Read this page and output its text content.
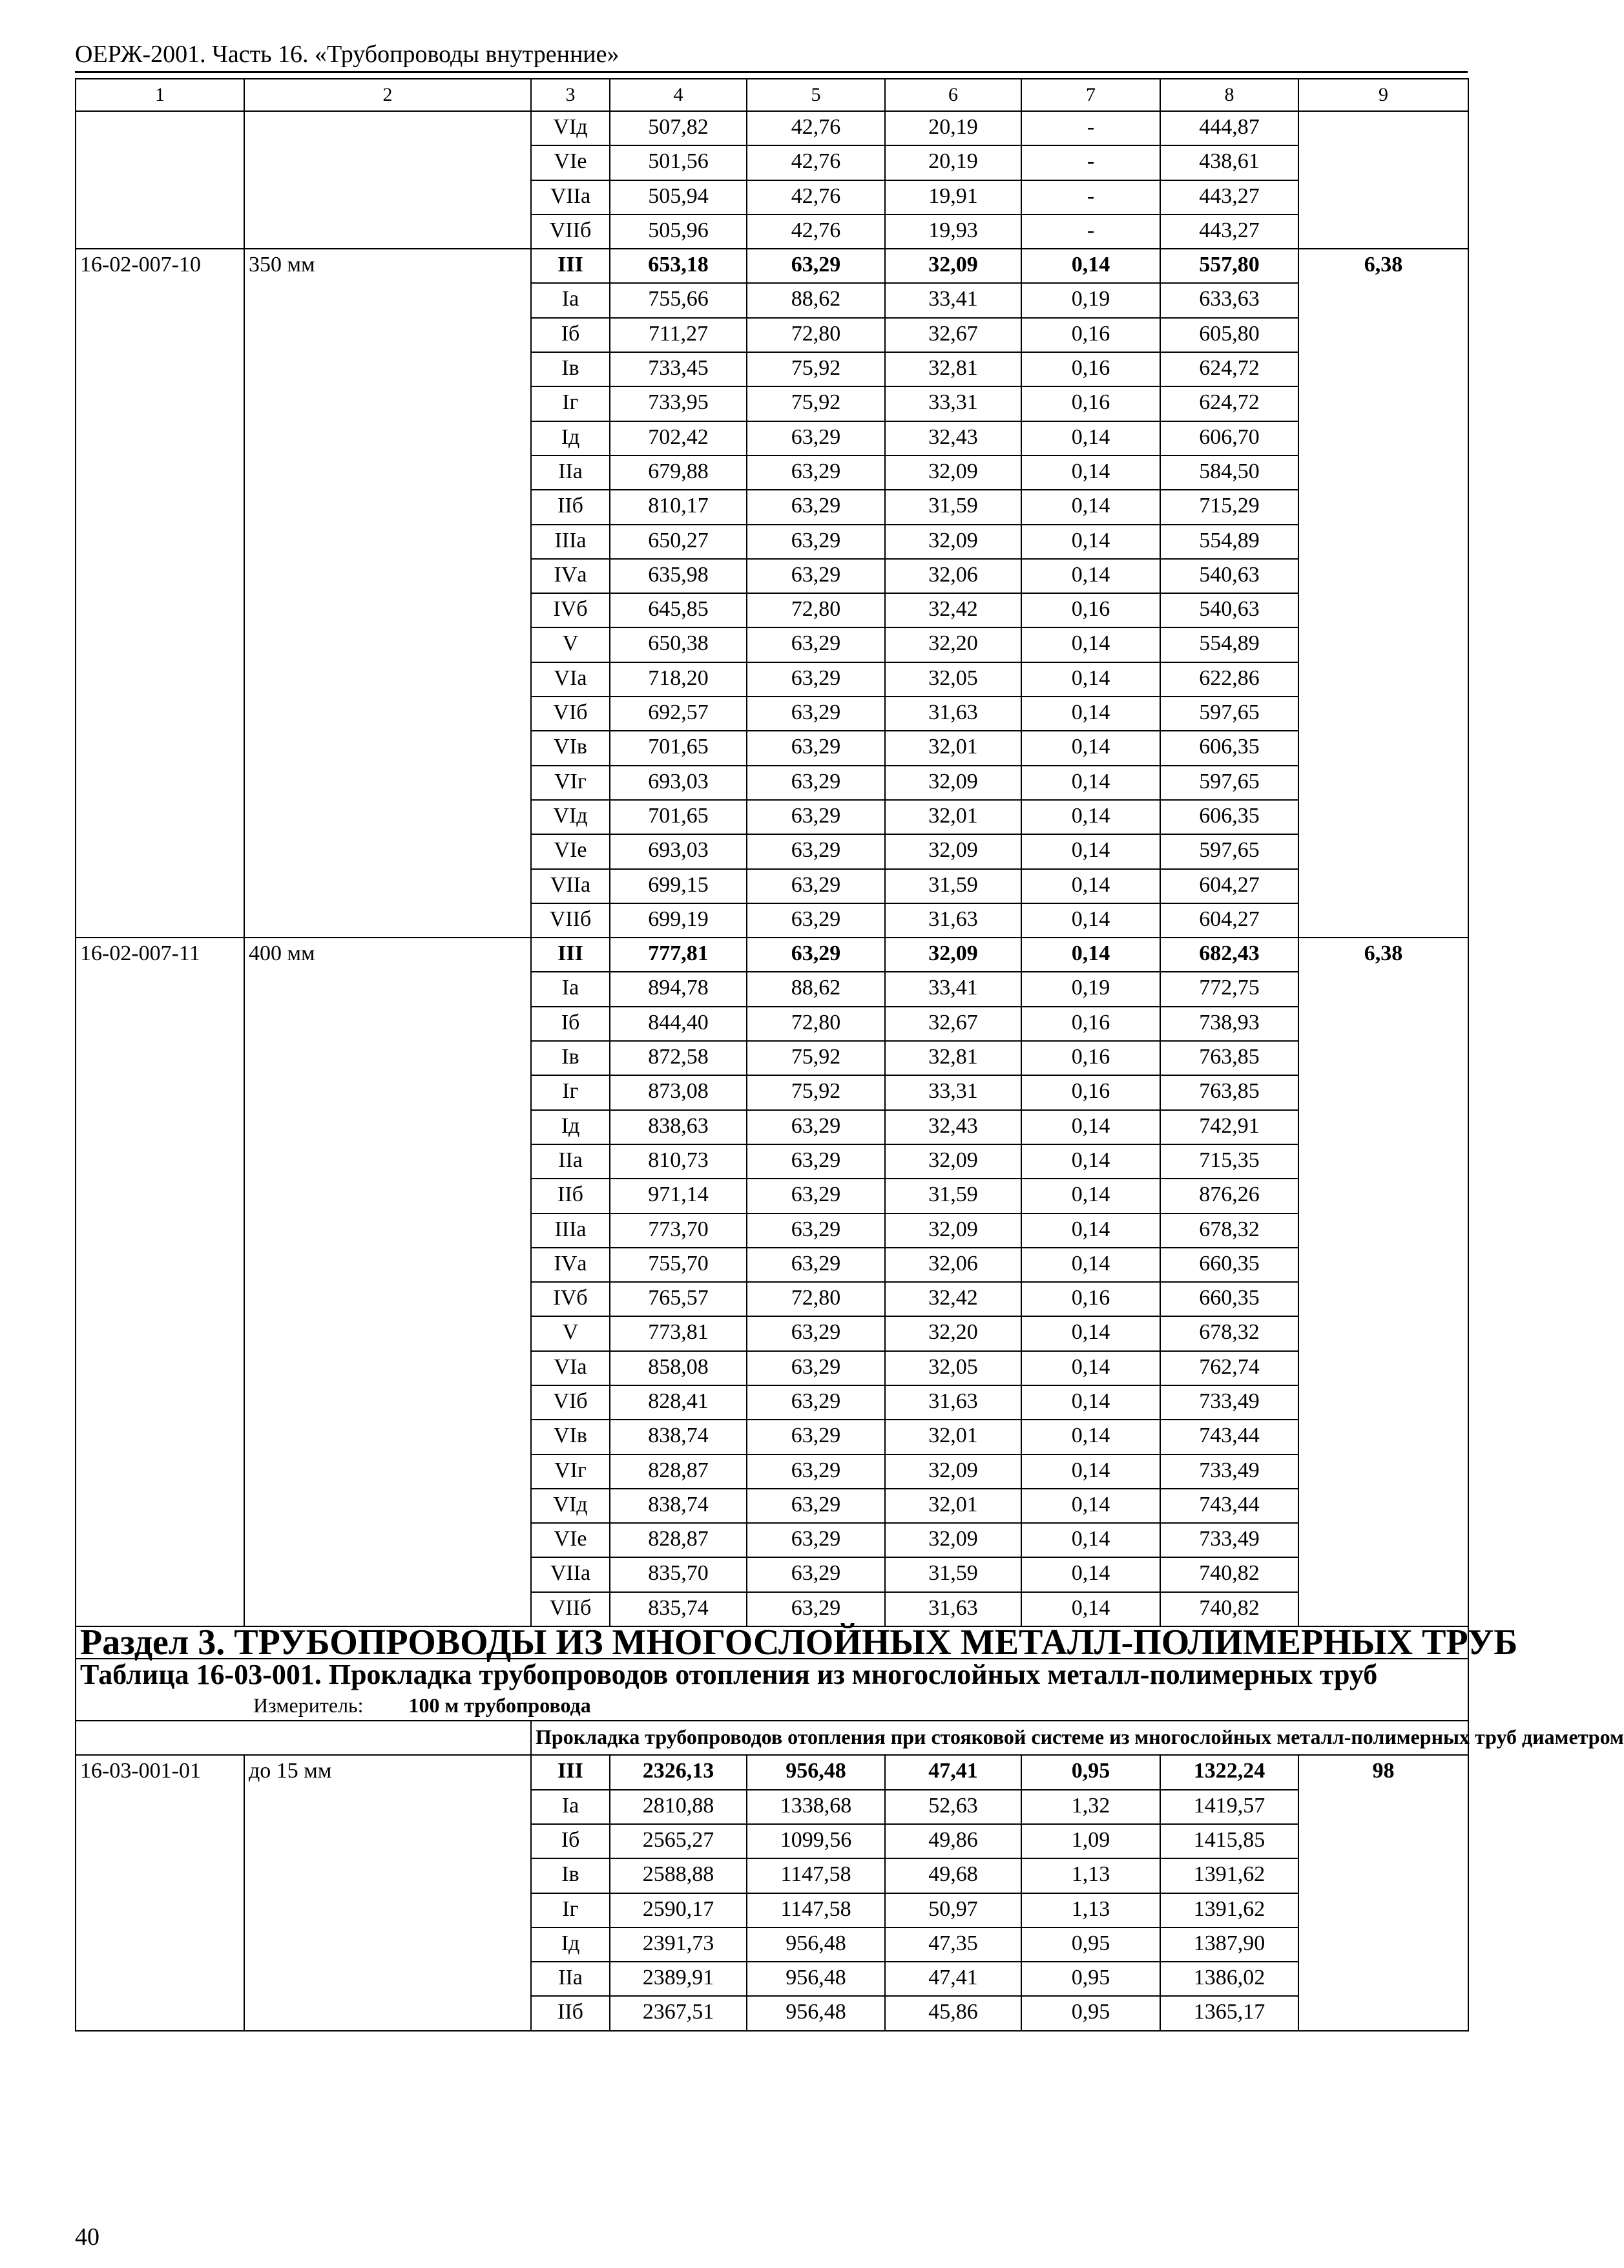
ОЕРЖ-2001. Часть 16. «Трубопроводы внутренние»
1	2	3	4	5	6	7	8	9
		VIд	507,82	42,76	20,19	-	444,87	
		VIе	501,56	42,76	20,19	-	438,61	
		VIIа	505,94	42,76	19,91	-	443,27	
		VIIб	505,96	42,76	19,93	-	443,27	
16-02-007-10	350 мм	III	653,18	63,29	32,09	0,14	557,80	6,38
		Iа	755,66	88,62	33,41	0,19	633,63	
		Iб	711,27	72,80	32,67	0,16	605,80	
		Iв	733,45	75,92	32,81	0,16	624,72	
		Iг	733,95	75,92	33,31	0,16	624,72	
		Iд	702,42	63,29	32,43	0,14	606,70	
		IIа	679,88	63,29	32,09	0,14	584,50	
		IIб	810,17	63,29	31,59	0,14	715,29	
		IIIа	650,27	63,29	32,09	0,14	554,89	
		IVа	635,98	63,29	32,06	0,14	540,63	
		IVб	645,85	72,80	32,42	0,16	540,63	
		V	650,38	63,29	32,20	0,14	554,89	
		VIа	718,20	63,29	32,05	0,14	622,86	
		VIб	692,57	63,29	31,63	0,14	597,65	
		VIв	701,65	63,29	32,01	0,14	606,35	
		VIг	693,03	63,29	32,09	0,14	597,65	
		VIд	701,65	63,29	32,01	0,14	606,35	
		VIе	693,03	63,29	32,09	0,14	597,65	
		VIIа	699,15	63,29	31,59	0,14	604,27	
		VIIб	699,19	63,29	31,63	0,14	604,27	
16-02-007-11	400 мм	III	777,81	63,29	32,09	0,14	682,43	6,38
		Iа	894,78	88,62	33,41	0,19	772,75	
		Iб	844,40	72,80	32,67	0,16	738,93	
		Iв	872,58	75,92	32,81	0,16	763,85	
		Iг	873,08	75,92	33,31	0,16	763,85	
		Iд	838,63	63,29	32,43	0,14	742,91	
		IIа	810,73	63,29	32,09	0,14	715,35	
		IIб	971,14	63,29	31,59	0,14	876,26	
		IIIа	773,70	63,29	32,09	0,14	678,32	
		IVа	755,70	63,29	32,06	0,14	660,35	
		IVб	765,57	72,80	32,42	0,16	660,35	
		V	773,81	63,29	32,20	0,14	678,32	
		VIа	858,08	63,29	32,05	0,14	762,74	
		VIб	828,41	63,29	31,63	0,14	733,49	
		VIв	838,74	63,29	32,01	0,14	743,44	
		VIг	828,87	63,29	32,09	0,14	733,49	
		VIд	838,74	63,29	32,01	0,14	743,44	
		VIе	828,87	63,29	32,09	0,14	733,49	
		VIIа	835,70	63,29	31,59	0,14	740,82	
		VIIб	835,74	63,29	31,63	0,14	740,82	
Раздел 3. ТРУБОПРОВОДЫ ИЗ МНОГОСЛОЙНЫХ МЕТАЛЛ-ПОЛИМЕРНЫХ ТРУБ								

Таблица 16-03-001. Прокладка трубопроводов отопления из многослойных металл-полимерных труб
Измеритель: 100 м трубопровода								

		Прокладка трубопроводов отопления при стояковой системе из многослойных металл-полимерных труб диаметром						
16-03-001-01	до 15 мм	III	2326,13	956,48	47,41	0,95	1322,24	98
		Iа	2810,88	1338,68	52,63	1,32	1419,57	
		Iб	2565,27	1099,56	49,86	1,09	1415,85	
		Iв	2588,88	1147,58	49,68	1,13	1391,62	
		Iг	2590,17	1147,58	50,97	1,13	1391,62	
		Iд	2391,73	956,48	47,35	0,95	1387,90	
		IIа	2389,91	956,48	47,41	0,95	1386,02	
		IIб	2367,51	956,48	45,86	0,95	1365,17	
40
